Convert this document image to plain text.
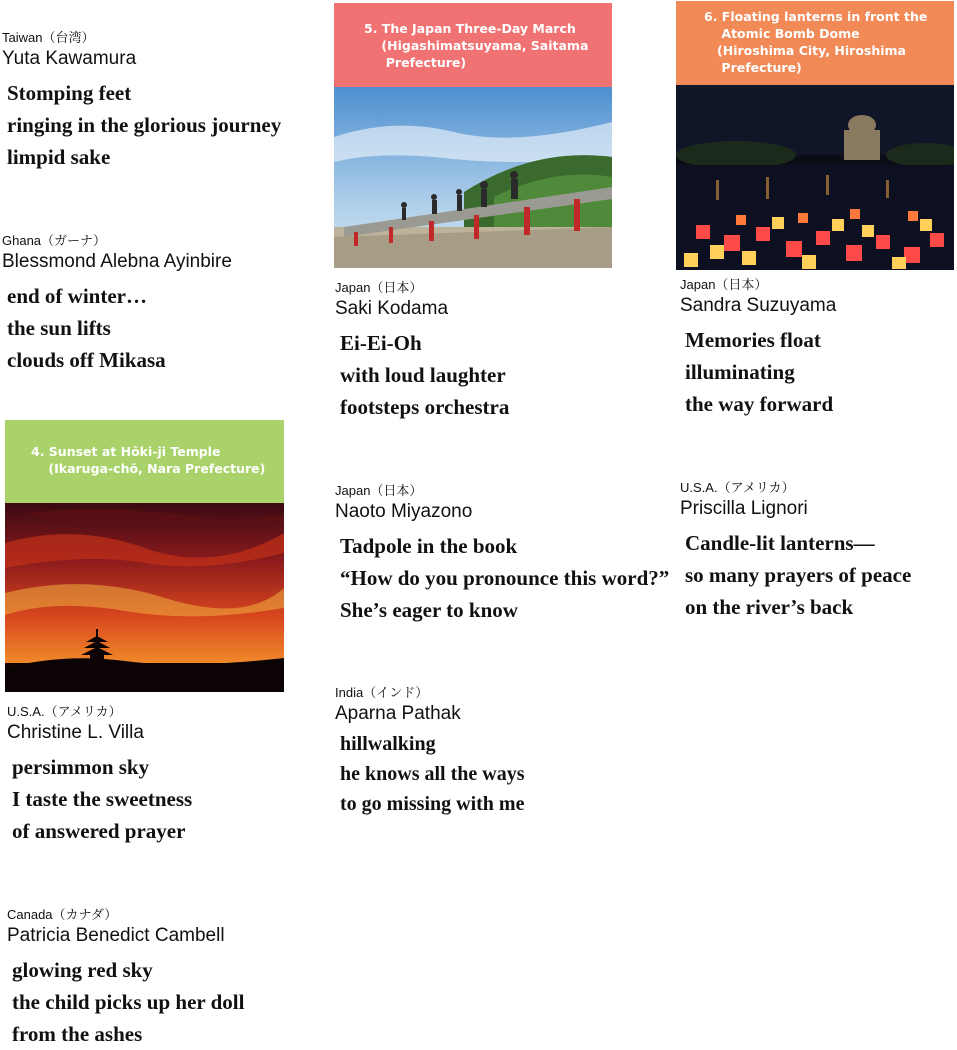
Taiwan（台湾）
Yuta Kawamura
Stomping feet
ringing in the glorious journey
limpid sake
Ghana（ガーナ）
Blessmond Alebna Ayinbire
end of winter…
the sun lifts
clouds off Mikasa
4. Sunset at Hōki-ji Temple
(Ikaruga-chō, Nara Prefecture)
U.S.A.（アメリカ）
Christine L. Villa
persimmon sky
I taste the sweetness
of answered prayer
Canada（カナダ）
Patricia Benedict Cambell
glowing red sky
the child picks up her doll
from the ashes
5. The Japan Three-Day March
(Higashimatsuyama, Saitama
Prefecture)
Japan（日本）
Saki Kodama
Ei-Ei-Oh
with loud laughter
footsteps orchestra
Japan（日本）
Naoto Miyazono
Tadpole in the book
“How do you pronounce this word?”
She’s eager to know
India（インド）
Aparna Pathak
hillwalking
he knows all the ways
to go missing with me
6. Floating lanterns in front the
Atomic Bomb Dome
(Hiroshima City, Hiroshima
Prefecture)
Japan（日本）
Sandra Suzuyama
Memories float
illuminating
the way forward
U.S.A.（アメリカ）
Priscilla Lignori
Candle-lit lanterns—
so many prayers of peace
on the river’s back
